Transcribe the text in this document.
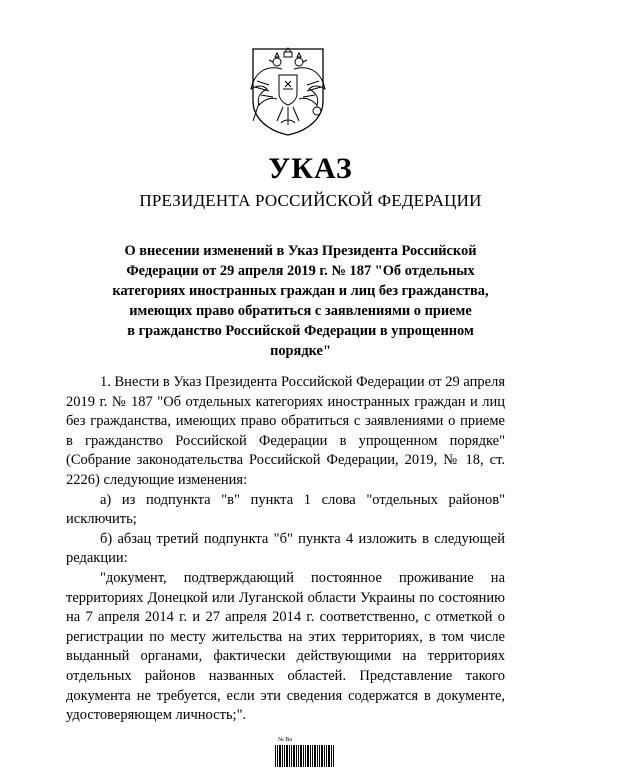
УКАЗ
ПРЕЗИДЕНТА РОССИЙСКОЙ ФЕДЕРАЦИИ
О внесении изменений в Указ Президента Российской
Федерации от 29 апреля 2019 г. № 187 "Об отдельных
категориях иностранных граждан и лиц без гражданства,
имеющих право обратиться с заявлениями о приеме
в гражданство Российской Федерации в упрощенном
порядке"

1. Внести в Указ Президента Российской Федерации от 29 апреля 2019 г. № 187 "Об отдельных категориях иностранных граждан и лиц без гражданства, имеющих право обратиться с заявлениями о приеме в гражданство Российской Федерации в упрощенном порядке" (Собрание законодательства Российской Федерации, 2019, № 18, ст. 2226) следующие изменения:

а) из подпункта "в" пункта 1 слова "отдельных районов" исключить;

б) абзац третий подпункта "б" пункта 4 изложить в следующей редакции:

"документ, подтверждающий постоянное проживание на территориях Донецкой или Луганской области Украины по состоянию на 7 апреля 2014 г. и 27 апреля 2014 г. соответственно, с отметкой о регистрации по месту жительства на этих территориях, в том числе выданный органами, фактически действующими на территориях отдельных районов названных областей. Представление такого документа не требуется, если эти сведения содержатся в документе, удостоверяющем личность;".

№ Ва
